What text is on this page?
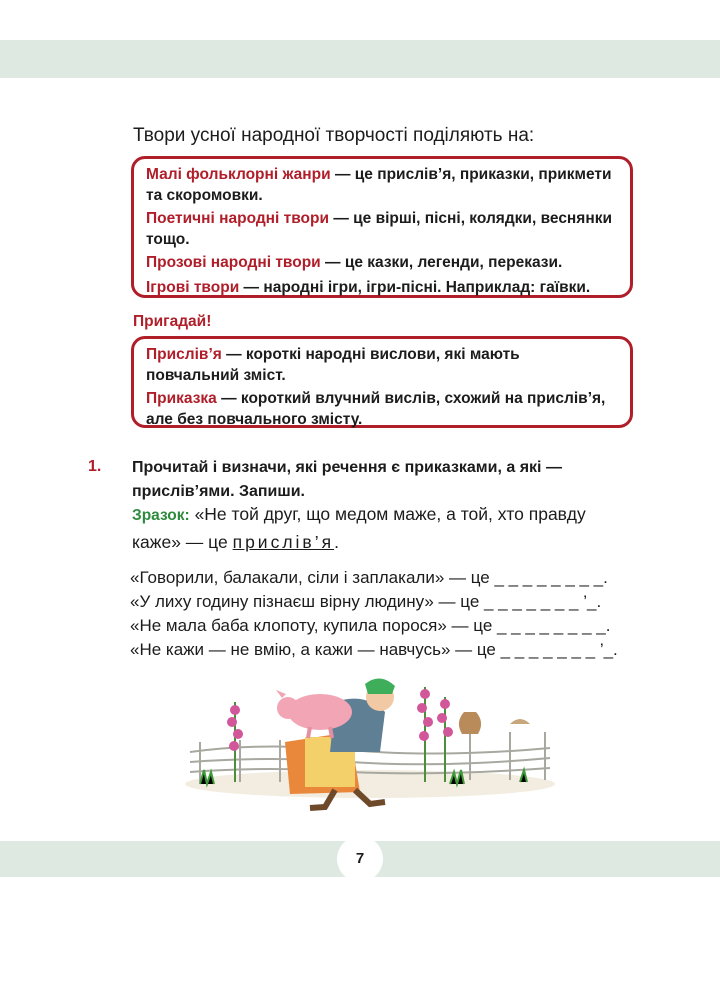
Твори усної народної творчості поділяють на:

Малі фольклорні жанри — це прислів’я, приказки, прикмети та скоромовки.

Поетичні народні твори — це вірші, пісні, колядки, веснянки тощо.

Прозові народні твори — це казки, легенди, перекази.

Ігрові твори — народні ігри, ігри-пісні. Наприклад: гаївки.

Пригадай!

Прислів’я — короткі народні вислови, які мають повчальний зміст.

Приказка — короткий влучний вислів, схожий на прислів’я, але без повчального змісту.

1. Прочитай і визначи, які речення є приказками, а які — прислів’ями. Запиши.
Зразок: «Не той друг, що медом маже, а той, хто правду каже» — це прислів’я.
«Говорили, балакали, сіли і заплакали» — це _ _ _ _ _ _ _ _.
«У лиху годину пізнаєш вірну людину» — це _ _ _ _ _ _ _ ’_.
«Не мала баба клопоту, купила порося» — це _ _ _ _ _ _ _ _.
«Не кажи — не вмію, а кажи — навчусь» — це _ _ _ _ _ _ _ ’_.
7
